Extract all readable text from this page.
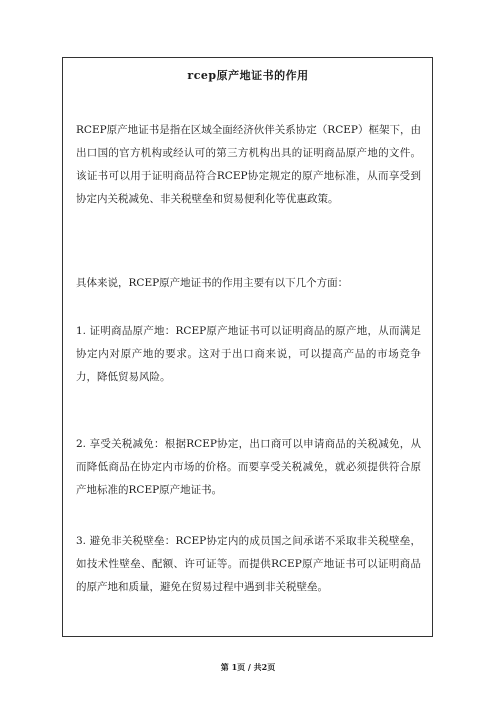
rcep原产地证书的作用

RCEP原产地证书是指在区域全面经济伙伴关系协定（RCEP）框架下，由出口国的官方机构或经认可的第三方机构出具的证明商品原产地的文件。该证书可以用于证明商品符合RCEP协定规定的原产地标准，从而享受到协定内关税减免、非关税壁垒和贸易便利化等优惠政策。

具体来说，RCEP原产地证书的作用主要有以下几个方面：

1. 证明商品原产地：RCEP原产地证书可以证明商品的原产地，从而满足协定内对原产地的要求。这对于出口商来说，可以提高产品的市场竞争力，降低贸易风险。

2. 享受关税减免：根据RCEP协定，出口商可以申请商品的关税减免，从而降低商品在协定内市场的价格。而要享受关税减免，就必须提供符合原产地标准的RCEP原产地证书。

3. 避免非关税壁垒：RCEP协定内的成员国之间承诺不采取非关税壁垒，如技术性壁垒、配额、许可证等。而提供RCEP原产地证书可以证明商品的原产地和质量，避免在贸易过程中遇到非关税壁垒。

第 1页 / 共2页
